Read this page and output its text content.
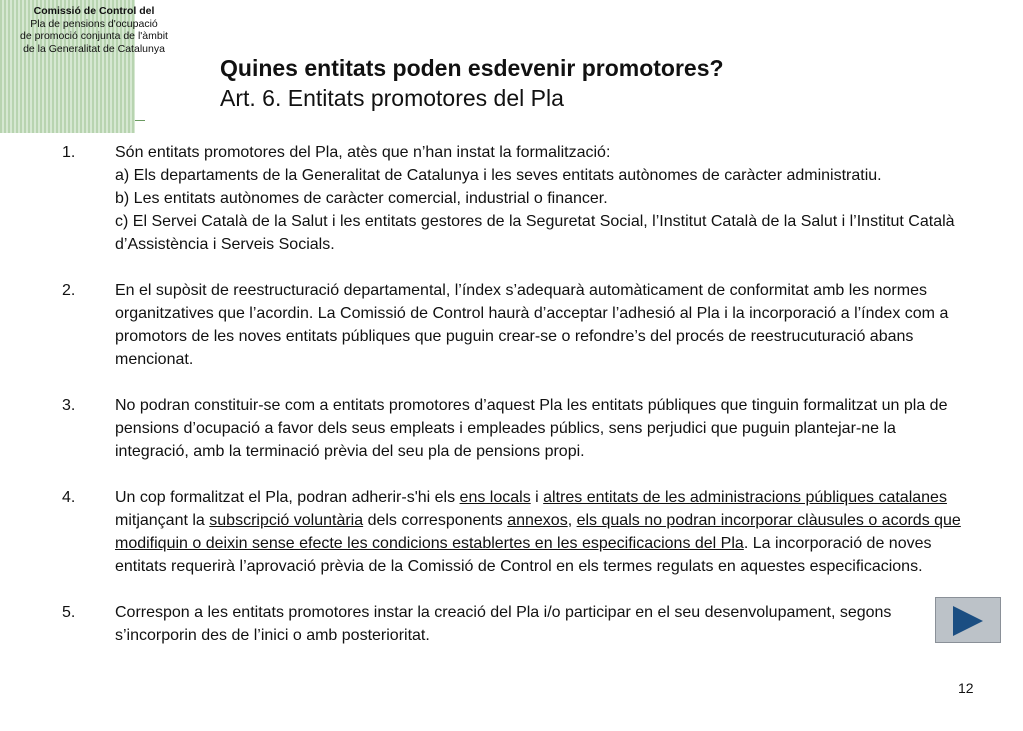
Comissió de Control del
Pla de pensions d'ocupació
de promoció conjunta de l'àmbit
de la Generalitat de Catalunya
Quines entitats poden esdevenir promotores?
Art. 6. Entitats promotores del Pla
1.	Són entitats promotores del Pla, atès que n’han instat la formalització:

a) Els departaments de la Generalitat de Catalunya i les seves entitats autònomes de caràcter administratiu.

b) Les entitats autònomes de caràcter comercial, industrial o financer.

c) El Servei Català de la Salut i les entitats gestores de la Seguretat Social, l’Institut Català de la Salut i l’Institut Català d’Assistència i Serveis Socials.

2.	En el supòsit de reestructuració departamental, l’índex s’adequarà automàticament de conformitat amb les normes organitzatives que l’acordin. La Comissió de Control haurà d’acceptar l’adhesió al Pla i la incorporació a l’índex com a promotors de les noves entitats públiques que puguin crear-se o refondre’s del procés de reestrucuturació abans mencionat.

3.	No podran constituir-se com a entitats promotores d’aquest Pla les entitats públiques que tinguin formalitzat un pla de pensions d’ocupació a favor dels seus empleats i empleades públics, sens perjudici que puguin plantejar-ne la integració, amb la terminació prèvia del seu pla de pensions propi.

4.	Un cop formalitzat el Pla, podran adherir-s'hi els ens locals i altres entitats de les administracions públiques catalanes mitjançant la subscripció voluntària dels corresponents annexos, els quals no podran incorporar clàusules o acords que modifiquin o deixin sense efecte les condicions establertes en les especificacions del Pla. La incorporació de noves entitats requerirà l’aprovació prèvia de la Comissió de Control en els termes regulats en aquestes especificacions.

5.	Correspon a les entitats promotores instar la creació del Pla i/o participar en el seu desenvolupament, segons s’incorporin des de l’inici o amb posterioritat.

12
